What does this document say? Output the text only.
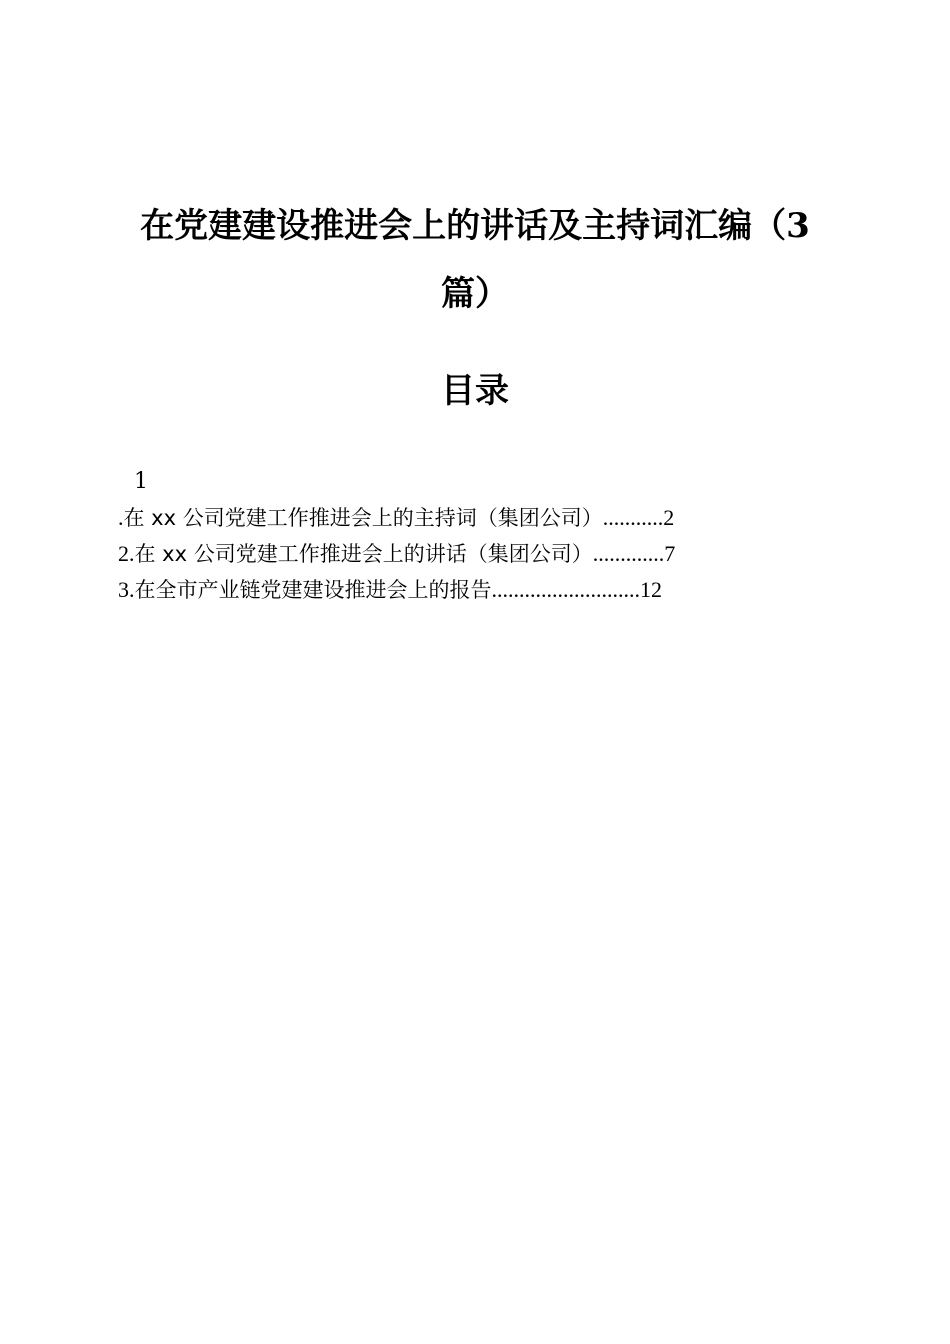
在党建建设推进会上的讲话及主持词汇编（3
篇）
目录
1
. 在 xx 公司党建工作推进会上的主持词（集团公司） ........... 2
2. 在 xx 公司党建工作推进会上的讲话（集团公司） ............. 7
3. 在全市产业链党建建设推进会上的报告 ........................... 12
